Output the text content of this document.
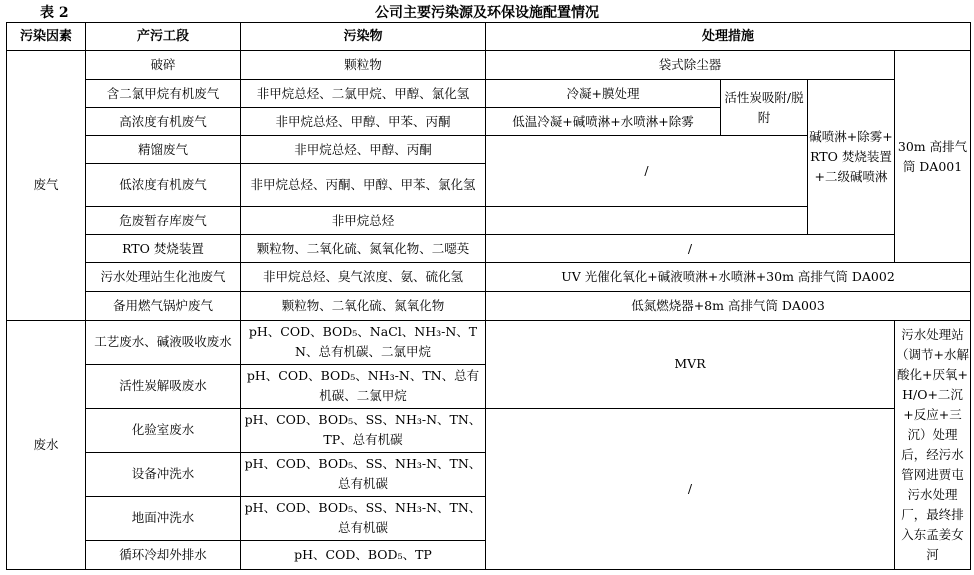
公司主要污染源及环保设施配置情况
表 2
污染因素	产污工段	污染物	处理措施			
废气	破碎	颗粒物	袋式除尘器			30m 高排气筒 DA001
	含二氯甲烷有机废气	非甲烷总烃、二氯甲烷、甲醇、氯化氢	冷凝+膜处理	活性炭吸附/脱附	碱喷淋+除雾+RTO 焚烧装置+二级碱喷淋	
	高浓度有机废气	非甲烷总烃、甲醇、甲苯、丙酮	低温冷凝+碱喷淋+水喷淋+除雾			
	精馏废气	非甲烷总烃、甲醇、丙酮	/			
	低浓度有机废气	非甲烷总烃、丙酮、甲醇、甲苯、氯化氢				
	危废暂存库废气	非甲烷总烃				
	RTO 焚烧装置	颗粒物、二氧化硫、氮氧化物、二噁英	/			
	污水处理站生化池废气	非甲烷总烃、臭气浓度、氨、硫化氢	UV 光催化氧化+碱液喷淋+水喷淋+30m 高排气筒 DA002			
	备用燃气锅炉废气	颗粒物、二氧化硫、氮氧化物	低氮燃烧器+8m 高排气筒 DA003			
废水	工艺废水、碱液吸收废水	pH、COD、BOD₅、NaCl、NH₃-N、TN、总有机碳、二氯甲烷	MVR			污水处理站（调节+水解酸化+厌氧+H/O+二沉+反应+三沉）处理后，经污水管网进贾屯污水处理厂，最终排入东孟姜女河
	活性炭解吸废水	pH、COD、BOD₅、NH₃-N、TN、总有机碳、二氯甲烷				
	化验室废水	pH、COD、BOD₅、SS、NH₃-N、TN、TP、总有机碳	/			
	设备冲洗水	pH、COD、BOD₅、SS、NH₃-N、TN、总有机碳				
	地面冲洗水	pH、COD、BOD₅、SS、NH₃-N、TN、总有机碳				
	循环冷却外排水	pH、COD、BOD₅、TP				
